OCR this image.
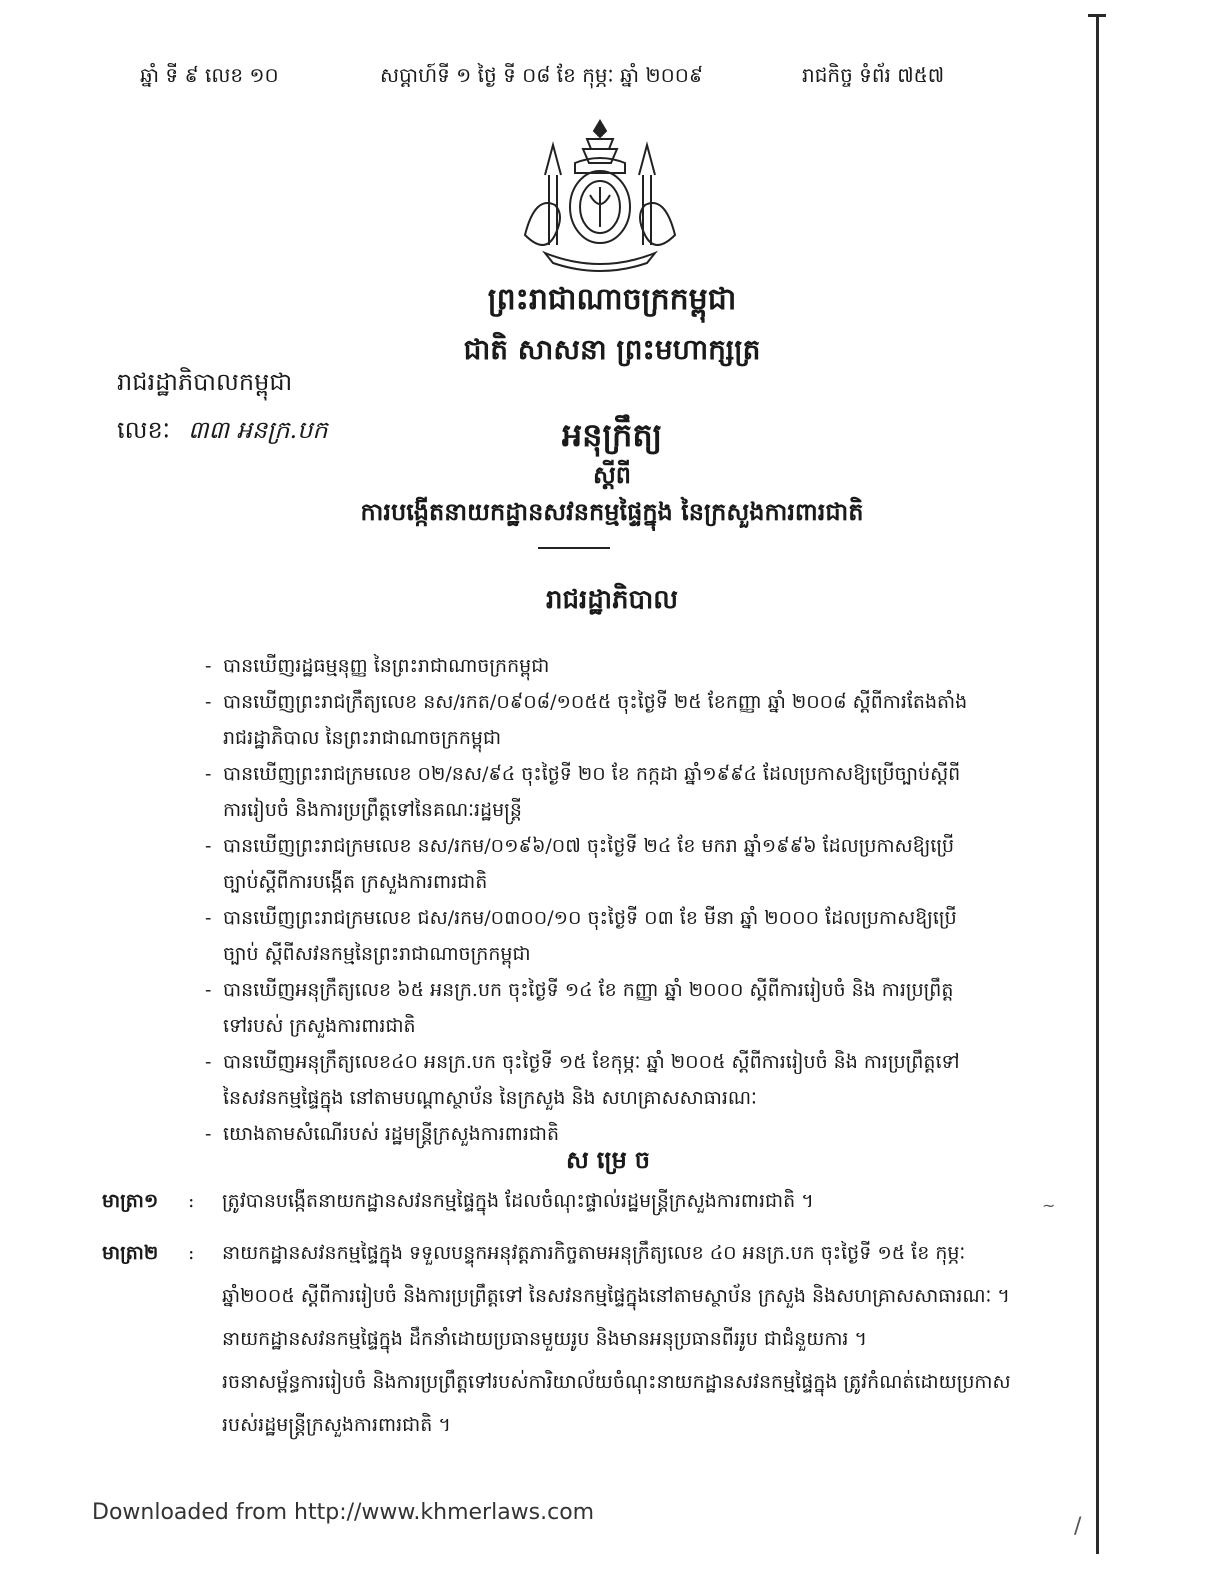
ឆ្នាំ ទី ៩ លេខ ១០	សប្តាហ៍ទី ១ ថ្ងៃ ទី ០៨ ខែ កុម្ភៈ ឆ្នាំ ២០០៩	រាជកិច្ច ទំព័រ ៧៥៧
ព្រះរាជាណាចក្រកម្ពុជា
ជាតិ សាសនា ព្រះមហាក្សត្រ
រាជរដ្ឋាភិបាលកម្ពុជា
លេខៈ ៣៣ អនក្រ.បក	អនុក្រឹត្យ
ស្តីពី
ការបង្កើតនាយកដ្ឋានសវនកម្មផ្ទៃក្នុង នៃក្រសួងការពារជាតិ
រាជរដ្ឋាភិបាល
- បានឃើញរដ្ឋធម្មនុញ្ញ នៃព្រះរាជាណាចក្រកម្ពុជា
- បានឃើញព្រះរាជក្រឹត្យលេខ នស/រកត/០៩០៨/១០៥៥ ចុះថ្ងៃទី ២៥ ខែកញ្ញា ឆ្នាំ ២០០៨ ស្តីពីការតែងតាំង
រាជរដ្ឋាភិបាល នៃព្រះរាជាណាចក្រកម្ពុជា
- បានឃើញព្រះរាជក្រមលេខ ០២/នស/៩៤ ចុះថ្ងៃទី ២០ ខែ កក្កដា ឆ្នាំ១៩៩៤ ដែលប្រកាសឱ្យប្រើច្បាប់ស្តីពី
ការរៀបចំ និងការប្រព្រឹត្តទៅនៃគណៈរដ្ឋមន្ត្រី
- បានឃើញព្រះរាជក្រមលេខ នស/រកម/០១៩៦/០៧ ចុះថ្ងៃទី ២៤ ខែ មករា ឆ្នាំ១៩៩៦ ដែលប្រកាសឱ្យប្រើ
ច្បាប់ស្តីពីការបង្កើត ក្រសួងការពារជាតិ
- បានឃើញព្រះរាជក្រមលេខ ជស/រកម/០៣០០/១០ ចុះថ្ងៃទី ០៣ ខែ មីនា ឆ្នាំ ២០០០ ដែលប្រកាសឱ្យប្រើ
ច្បាប់ ស្តីពីសវនកម្មនៃព្រះរាជាណាចក្រកម្ពុជា
- បានឃើញអនុក្រឹត្យលេខ ៦៥ អនក្រ.បក ចុះថ្ងៃទី ១៤ ខែ កញ្ញា ឆ្នាំ ២០០០ ស្តីពីការរៀបចំ និង ការប្រព្រឹត្ត
ទៅរបស់ ក្រសួងការពារជាតិ
- បានឃើញអនុក្រឹត្យលេខ៤០ អនក្រ.បក ចុះថ្ងៃទី ១៥ ខែកុម្ភៈ ឆ្នាំ ២០០៥ ស្តីពីការរៀបចំ និង ការប្រព្រឹត្តទៅ
នៃសវនកម្មផ្ទៃក្នុង នៅតាមបណ្តាស្ថាប័ន នៃក្រសួង និង សហគ្រាសសាធារណៈ
- យោងតាមសំណើរបស់ រដ្ឋមន្ត្រីក្រសួងការពារជាតិ
សម្រេច
មាត្រា១ : ត្រូវបានបង្កើតនាយកដ្ឋានសវនកម្មផ្ទៃក្នុង ដែលចំណុះផ្ទាល់រដ្ឋមន្ត្រីក្រសួងការពារជាតិ ។
មាត្រា២ : នាយកដ្ឋានសវនកម្មផ្ទៃក្នុង ទទួលបន្ទុកអនុវត្តភារកិច្ចតាមអនុក្រឹត្យលេខ ៤០ អនក្រ.បក ចុះថ្ងៃទី ១៥ ខែ កុម្ភៈ
ឆ្នាំ២០០៥ ស្តីពីការរៀបចំ និងការប្រព្រឹត្តទៅ នៃសវនកម្មផ្ទៃក្នុងនៅតាមស្ថាប័ន ក្រសួង និងសហគ្រាសសាធារណៈ ។
នាយកដ្ឋានសវនកម្មផ្ទៃក្នុង ដឹកនាំដោយប្រធានមួយរូប និងមានអនុប្រធានពីររូប ជាជំនួយការ ។
រចនាសម្ព័ន្ធការរៀបចំ និងការប្រព្រឹត្តទៅរបស់ការិយាល័យចំណុះនាយកដ្ឋានសវនកម្មផ្ទៃក្នុង ត្រូវកំណត់ដោយប្រកាស
របស់រដ្ឋមន្ត្រីក្រសួងការពារជាតិ ។
Downloaded from http://www.khmerlaws.com
/
~
